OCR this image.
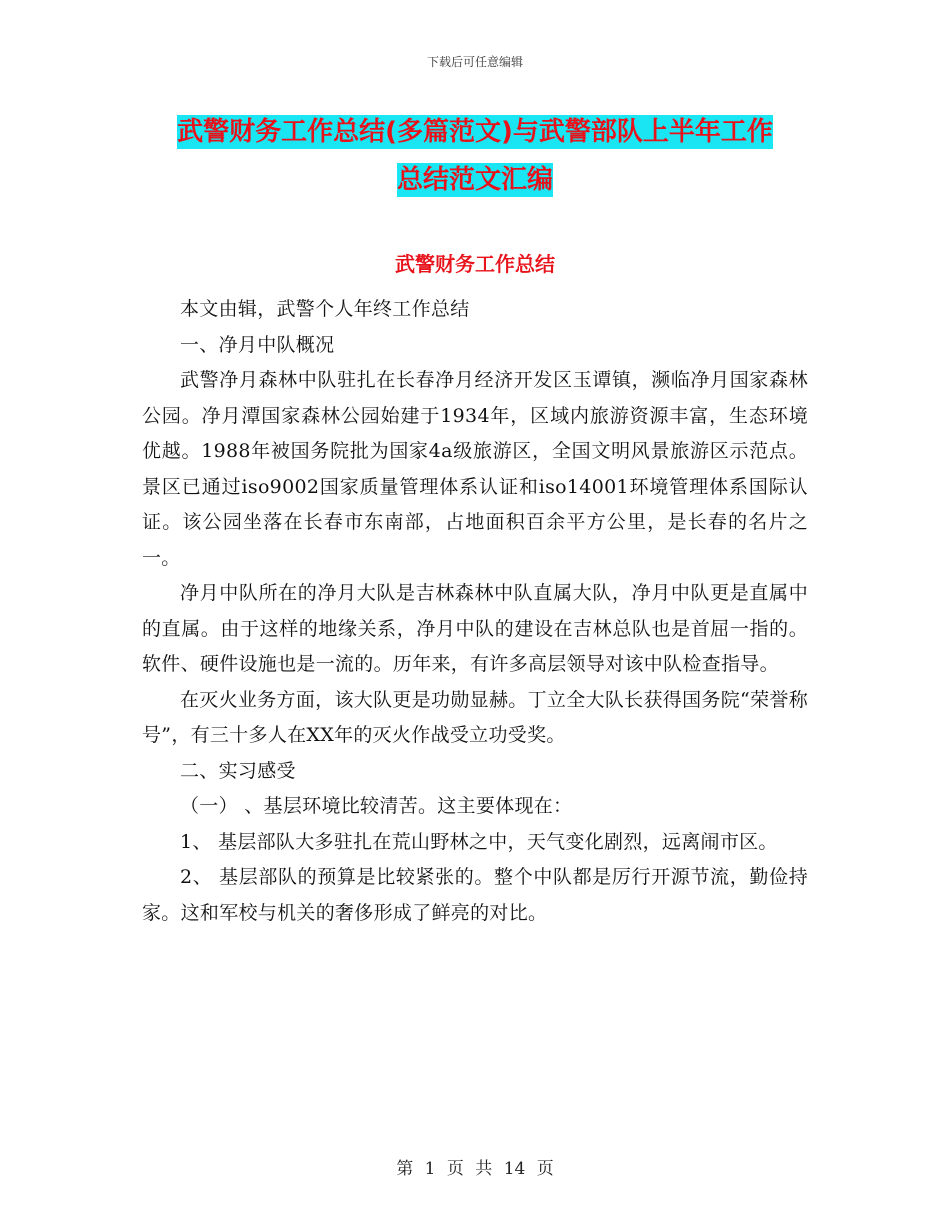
下载后可任意编辑
武警财务工作总结(多篇范文)与武警部队上半年工作
总结范文汇编
武警财务工作总结

本文由辑，武警个人年终工作总结

一、净月中队概况

武警净月森林中队驻扎在长春净月经济开发区玉谭镇，濒临净月国家森林公园。净月潭国家森林公园始建于1934年，区域内旅游资源丰富，生态环境优越。1988年被国务院批为国家4a级旅游区，全国文明风景旅游区示范点。景区已通过iso9002国家质量管理体系认证和iso14001环境管理体系国际认证。该公园坐落在长春市东南部，占地面积百余平方公里，是长春的名片之一。

净月中队所在的净月大队是吉林森林中队直属大队，净月中队更是直属中的直属。由于这样的地缘关系，净月中队的建设在吉林总队也是首屈一指的。软件、硬件设施也是一流的。历年来，有许多高层领导对该中队检查指导。

在灭火业务方面，该大队更是功勋显赫。丁立全大队长获得国务院“荣誉称号”，有三十多人在XX年的灭火作战受立功受奖。

二、实习感受

（一） 、基层环境比较清苦。这主要体现在：

1、 基层部队大多驻扎在荒山野林之中，天气变化剧烈，远离闹市区。

2、 基层部队的预算是比较紧张的。整个中队都是厉行开源节流，勤俭持家。这和军校与机关的奢侈形成了鲜亮的对比。

第 1 页 共 14 页
